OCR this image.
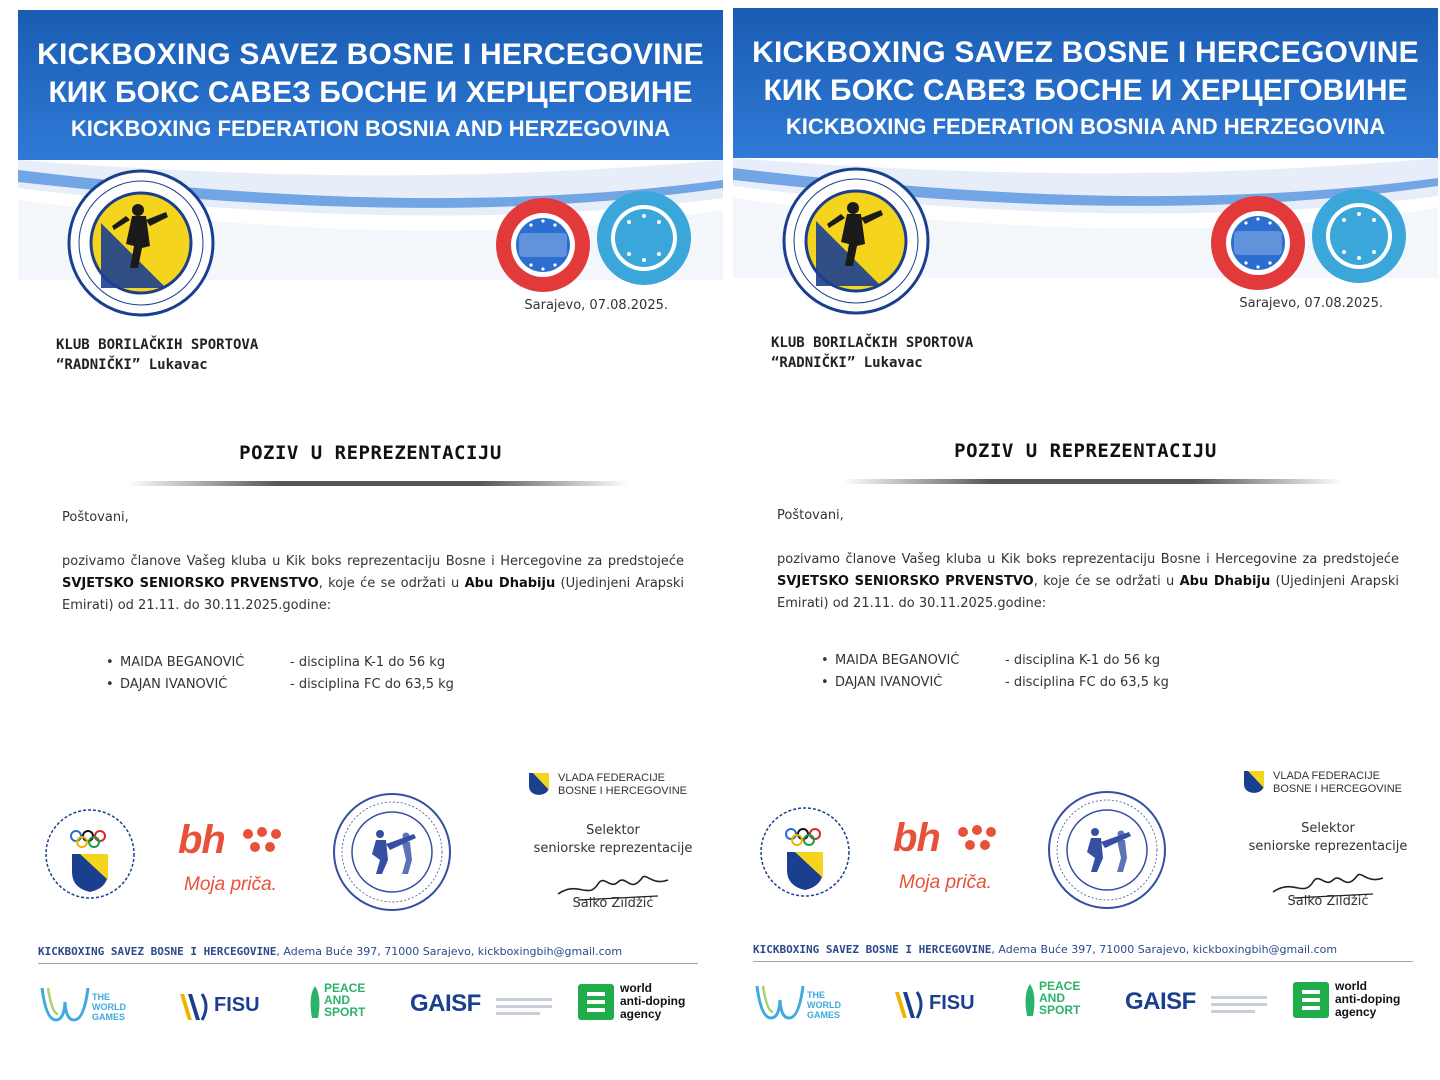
KICKBOXING SAVEZ BOSNE I HERCEGOVINE
КИК БОКС САВЕЗ БОСНЕ И ХЕРЦЕГОВИНЕ
KICKBOXING FEDERATION BOSNIA AND HERZEGOVINA
Sarajevo, 07.08.2025.
KLUB BORILAČKIH SPORTOVA
“RADNIČKI” Lukavac
POZIV U REPREZENTACIJU
Poštovani,
pozivamo članove Vašeg kluba u Kik boks reprezentaciju Bosne i Hercegovine za predstojeće SVJETSKO SENIORSKO PRVENSTVO, koje će se održati u Abu Dhabiju (Ujedinjeni Arapski Emirati) od 21.11. do 30.11.2025.godine:
• MAIDA BEGANOVIĆ	- disciplina K-1 do 56 kg
• DAJAN IVANOVIĆ	- disciplina FC do 63,5 kg
VLADA FEDERACIJE
BOSNE I HERCEGOVINE
Selektor
seniorske reprezentacije
Salko Zildžić
bh
Moja priča.
KICKBOXING SAVEZ BOSNE I HERCEGOVINE, Adema Buće 397, 71000 Sarajevo, kickboxingbih@gmail.com
THE WORLD GAMES
FISU
PEACE
AND
SPORT GAISF
world
anti-doping
agency
KICKBOXING SAVEZ BOSNE I HERCEGOVINE
КИК БОКС САВЕЗ БОСНЕ И ХЕРЦЕГОВИНЕ
KICKBOXING FEDERATION BOSNIA AND HERZEGOVINA
Sarajevo, 07.08.2025.
KLUB BORILAČKIH SPORTOVA
“RADNIČKI” Lukavac
POZIV U REPREZENTACIJU
Poštovani,
pozivamo članove Vašeg kluba u Kik boks reprezentaciju Bosne i Hercegovine za predstojeće SVJETSKO SENIORSKO PRVENSTVO, koje će se održati u Abu Dhabiju (Ujedinjeni Arapski Emirati) od 21.11. do 30.11.2025.godine:
• MAIDA BEGANOVIĆ	- disciplina K-1 do 56 kg
• DAJAN IVANOVIĆ	- disciplina FC do 63,5 kg
VLADA FEDERACIJE
BOSNE I HERCEGOVINE
Selektor
seniorske reprezentacije
Salko Zildžić
bh
Moja priča.
KICKBOXING SAVEZ BOSNE I HERCEGOVINE, Adema Buće 397, 71000 Sarajevo, kickboxingbih@gmail.com
THE WORLD GAMES
FISU
PEACE
AND
SPORT GAISF
world
anti-doping
agency
